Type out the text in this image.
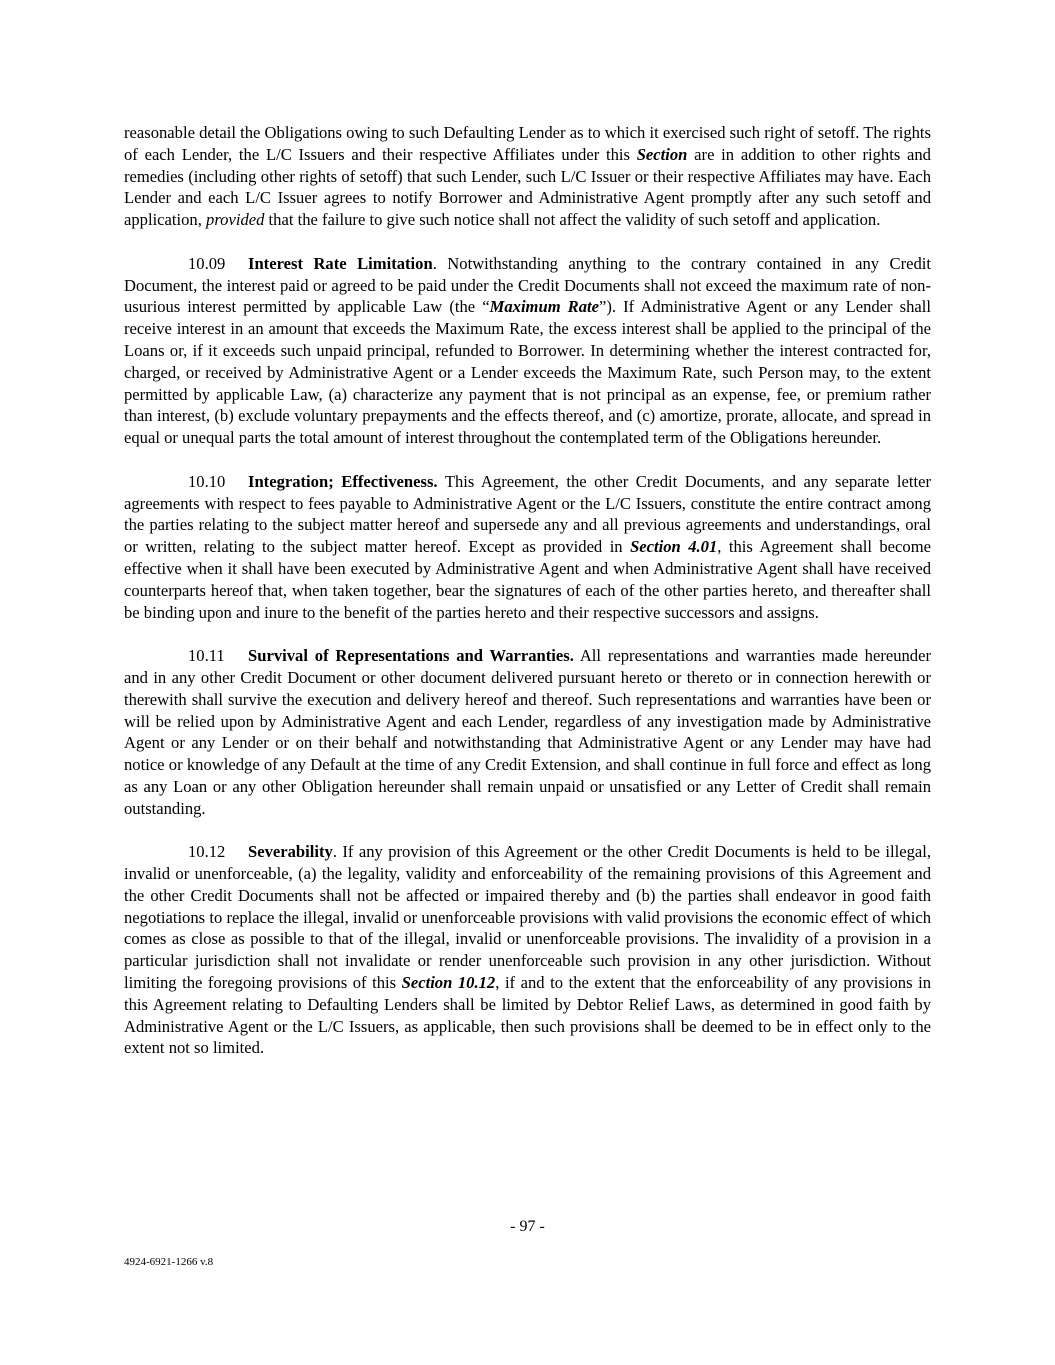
reasonable detail the Obligations owing to such Defaulting Lender as to which it exercised such right of setoff. The rights of each Lender, the L/C Issuers and their respective Affiliates under this Section are in addition to other rights and remedies (including other rights of setoff) that such Lender, such L/C Issuer or their respective Affiliates may have. Each Lender and each L/C Issuer agrees to notify Borrower and Administrative Agent promptly after any such setoff and application, provided that the failure to give such notice shall not affect the validity of such setoff and application.

10.09 Interest Rate Limitation. Notwithstanding anything to the contrary contained in any Credit Document, the interest paid or agreed to be paid under the Credit Documents shall not exceed the maximum rate of non-usurious interest permitted by applicable Law (the “Maximum Rate”). If Administrative Agent or any Lender shall receive interest in an amount that exceeds the Maximum Rate, the excess interest shall be applied to the principal of the Loans or, if it exceeds such unpaid principal, refunded to Borrower. In determining whether the interest contracted for, charged, or received by Administrative Agent or a Lender exceeds the Maximum Rate, such Person may, to the extent permitted by applicable Law, (a) characterize any payment that is not principal as an expense, fee, or premium rather than interest, (b) exclude voluntary prepayments and the effects thereof, and (c) amortize, prorate, allocate, and spread in equal or unequal parts the total amount of interest throughout the contemplated term of the Obligations hereunder.

10.10 Integration; Effectiveness. This Agreement, the other Credit Documents, and any separate letter agreements with respect to fees payable to Administrative Agent or the L/C Issuers, constitute the entire contract among the parties relating to the subject matter hereof and supersede any and all previous agreements and understandings, oral or written, relating to the subject matter hereof. Except as provided in Section 4.01, this Agreement shall become effective when it shall have been executed by Administrative Agent and when Administrative Agent shall have received counterparts hereof that, when taken together, bear the signatures of each of the other parties hereto, and thereafter shall be binding upon and inure to the benefit of the parties hereto and their respective successors and assigns.

10.11 Survival of Representations and Warranties. All representations and warranties made hereunder and in any other Credit Document or other document delivered pursuant hereto or thereto or in connection herewith or therewith shall survive the execution and delivery hereof and thereof. Such representations and warranties have been or will be relied upon by Administrative Agent and each Lender, regardless of any investigation made by Administrative Agent or any Lender or on their behalf and notwithstanding that Administrative Agent or any Lender may have had notice or knowledge of any Default at the time of any Credit Extension, and shall continue in full force and effect as long as any Loan or any other Obligation hereunder shall remain unpaid or unsatisfied or any Letter of Credit shall remain outstanding.

10.12 Severability. If any provision of this Agreement or the other Credit Documents is held to be illegal, invalid or unenforceable, (a) the legality, validity and enforceability of the remaining provisions of this Agreement and the other Credit Documents shall not be affected or impaired thereby and (b) the parties shall endeavor in good faith negotiations to replace the illegal, invalid or unenforceable provisions with valid provisions the economic effect of which comes as close as possible to that of the illegal, invalid or unenforceable provisions. The invalidity of a provision in a particular jurisdiction shall not invalidate or render unenforceable such provision in any other jurisdiction. Without limiting the foregoing provisions of this Section 10.12, if and to the extent that the enforceability of any provisions in this Agreement relating to Defaulting Lenders shall be limited by Debtor Relief Laws, as determined in good faith by Administrative Agent or the L/C Issuers, as applicable, then such provisions shall be deemed to be in effect only to the extent not so limited.

- 97 -
4924-6921-1266 v.8
